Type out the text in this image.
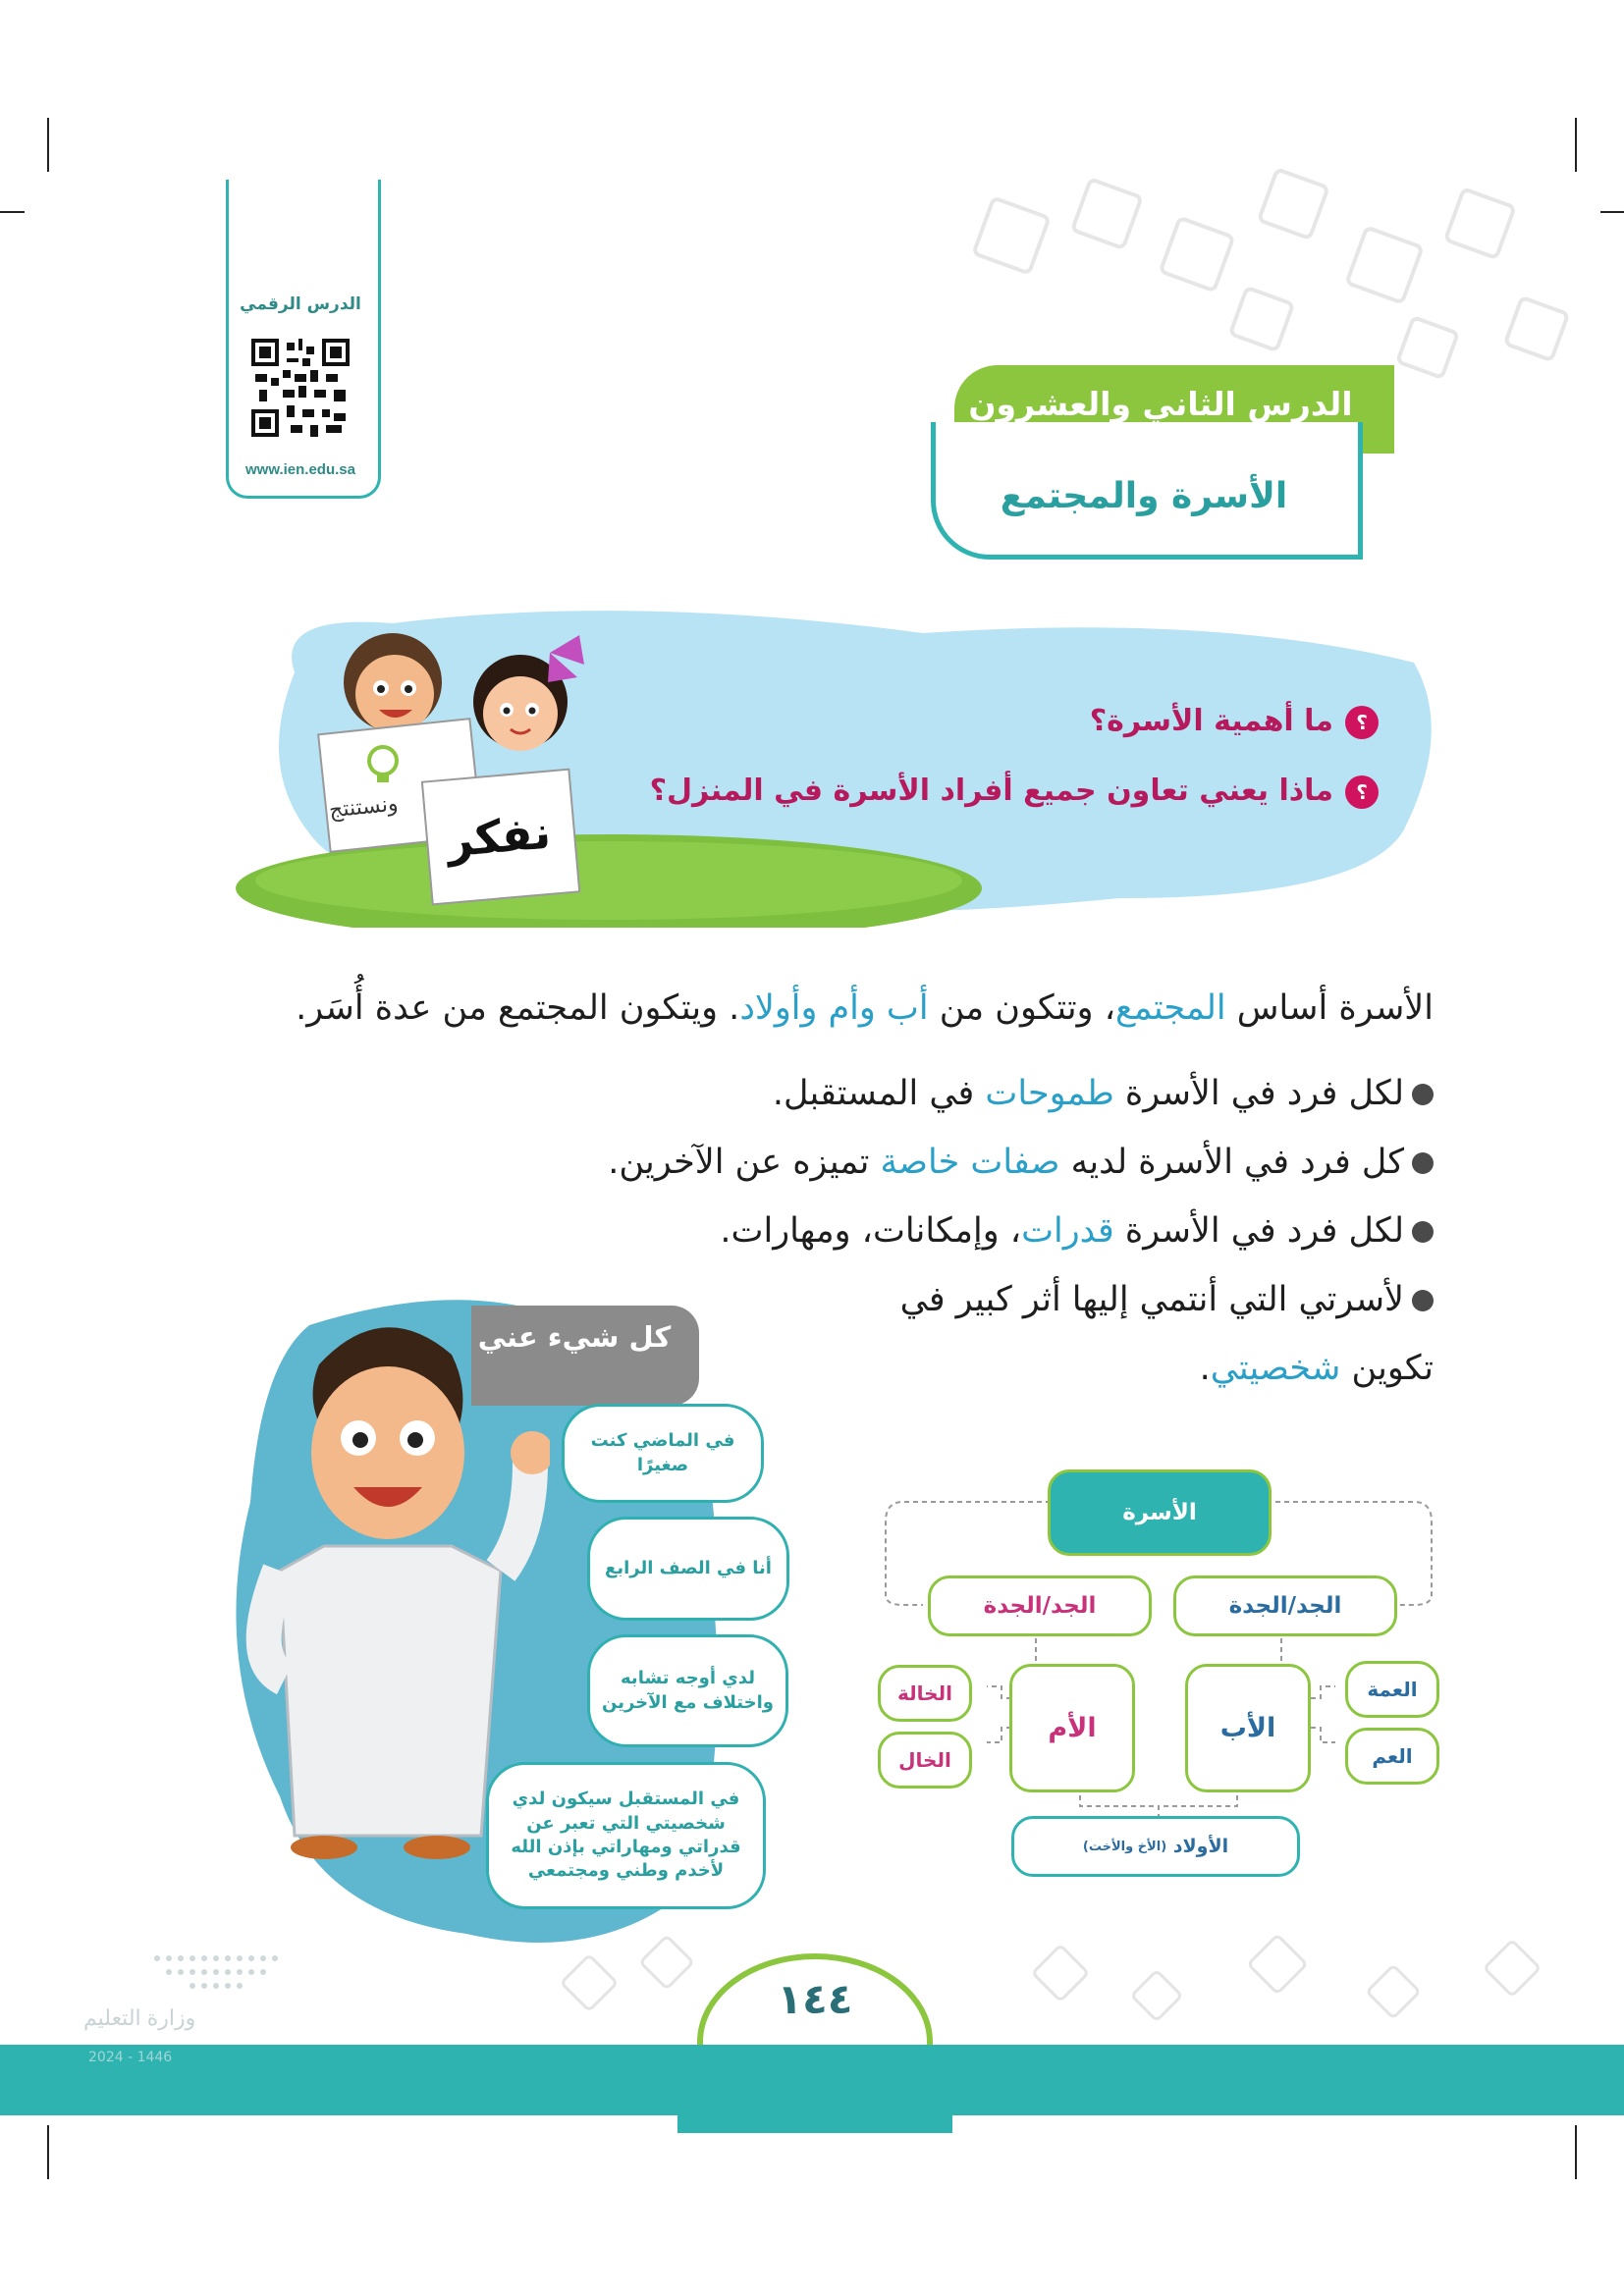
الدرس الرقمي
www.ien.edu.sa
الدرس الثاني والعشرون
الأسرة والمجتمع
ونستنتج نفكر
؟ما أهمية الأسرة؟
؟ماذا يعني تعاون جميع أفراد الأسرة في المنزل؟
الأسرة أساس المجتمع، وتتكون من أب وأم وأولاد. ويتكون المجتمع من عدة أُسَر.
لكل فرد في الأسرة طموحات في المستقبل.
كل فرد في الأسرة لديه صفات خاصة تميزه عن الآخرين.
لكل فرد في الأسرة قدرات، وإمكانات، ومهارات.
لأسرتي التي أنتمي إليها أثر كبير في
تكوين شخصيتي.
كل شيء عني
في الماضي كنت صغيرًا
أنا في الصف الرابع
لدي أوجه تشابه واختلاف مع الآخرين
في المستقبل سيكون لدي شخصيتي التي تعبر عن قدراتي ومهاراتي بإذن الله لأخدم وطني ومجتمعي
الأسرة
الجد/الجدة	الجد/الجدة
الأم	الأب
الخالة
الخال
العمة
العم
الأولاد

(الأخ والأخت)
١٤٤
وزارة التعليم
2024 - 1446
